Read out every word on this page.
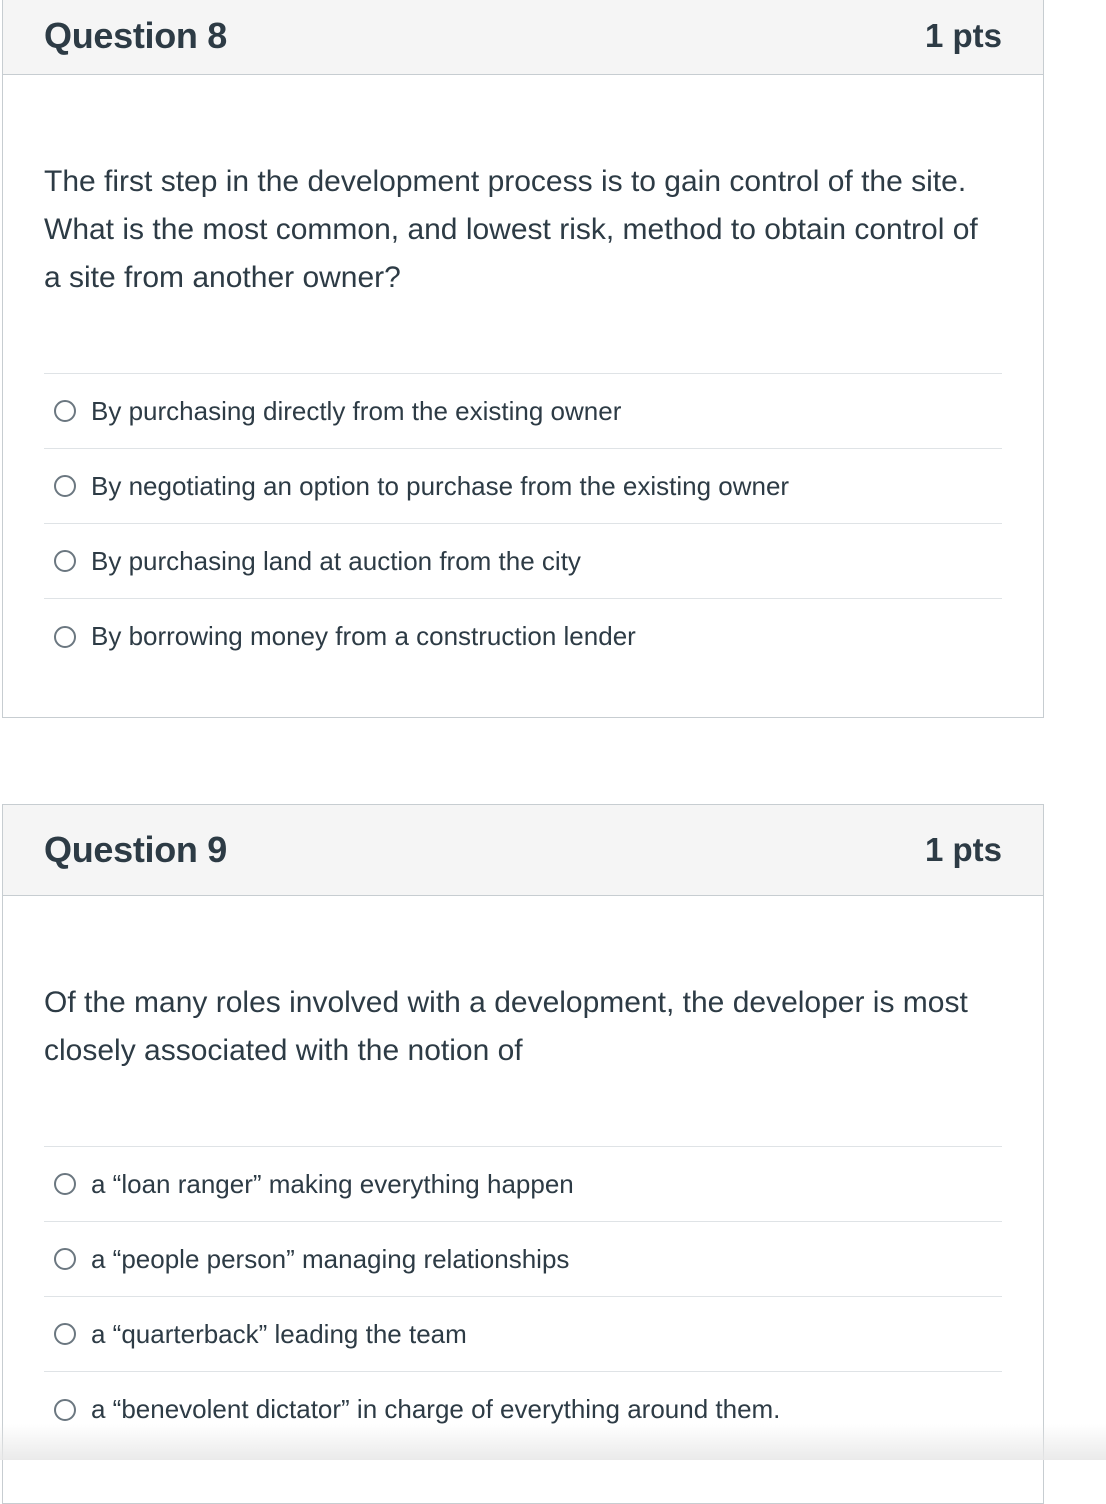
Question 8	1 pts
The first step in the development process is to gain control of the site. What is the most common, and lowest risk, method to obtain control of a site from another owner?
By purchasing directly from the existing owner
By negotiating an option to purchase from the existing owner
By purchasing land at auction from the city
By borrowing money from a construction lender
Question 9	1 pts
Of the many roles involved with a development, the developer is most closely associated with the notion of
a “loan ranger” making everything happen
a “people person” managing relationships
a “quarterback” leading the team
a “benevolent dictator” in charge of everything around them.
